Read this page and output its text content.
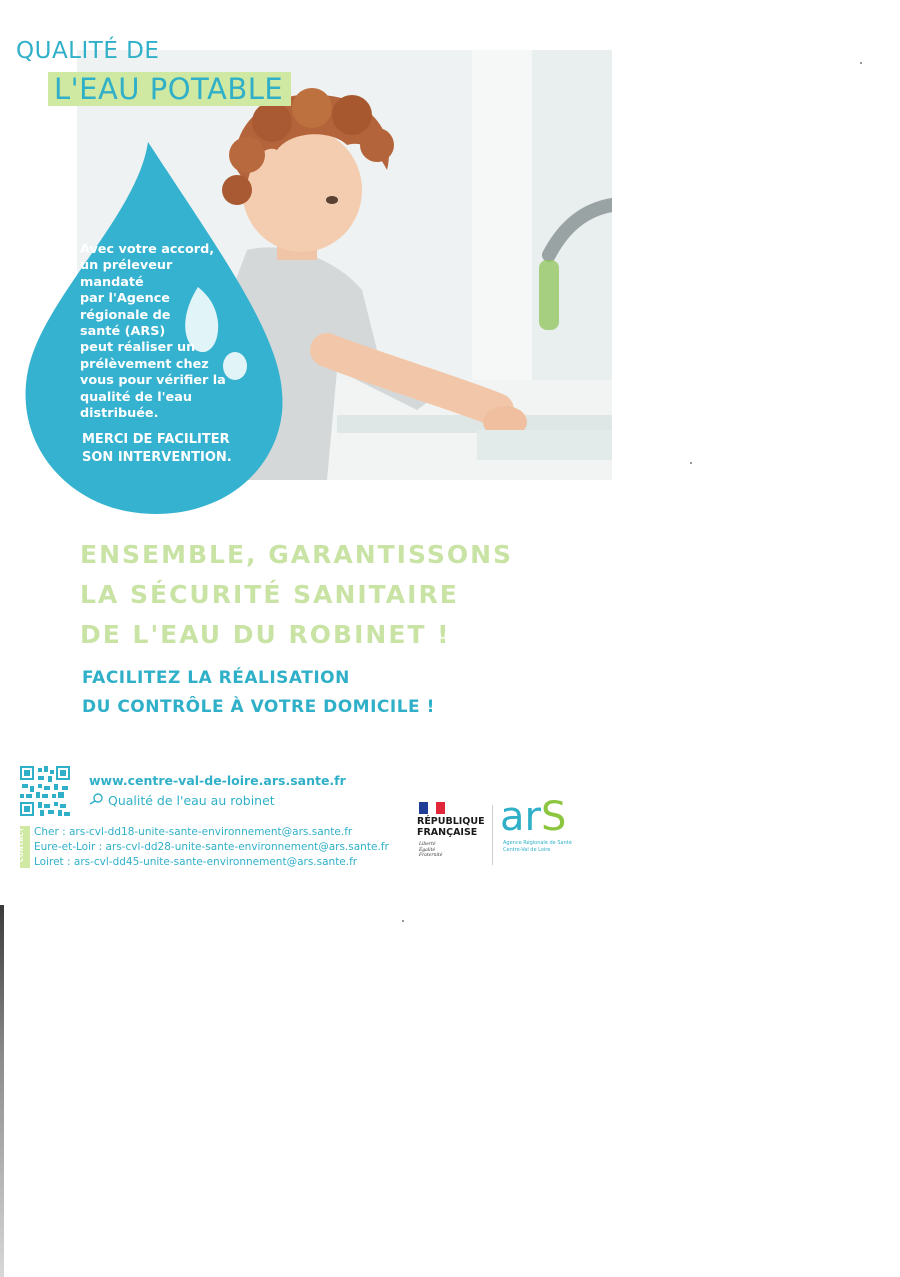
QUALITÉ DE
L'EAU POTABLE

Avec votre accord,
un préleveur
mandaté
par l'Agence
régionale de
santé (ARS)
peut réaliser un
prélèvement chez
vous pour vérifier la
qualité de l'eau distribuée.

MERCI DE FACILITER
SON INTERVENTION.
ENSEMBLE, GARANTISSONS
LA SÉCURITÉ SANITAIRE
DE L'EAU DU ROBINET !
FACILITEZ LA RÉALISATION
DU CONTRÔLE À VOTRE DOMICILE !
www.centre-val-de-loire.ars.sante.fr
Qualité de l'eau au robinet
CONTACT Cher : ars-cvl-dd18-unite-sante-environnement@ars.sante.fr
Eure-et-Loir : ars-cvl-dd28-unite-sante-environnement@ars.sante.fr
Loiret : ars-cvl-dd45-unite-sante-environnement@ars.sante.fr
RÉPUBLIQUE
FRANÇAISE
Liberté
Égalité
Fraternité
arS
Agence Régionale de Santé
Centre-Val de Loire
